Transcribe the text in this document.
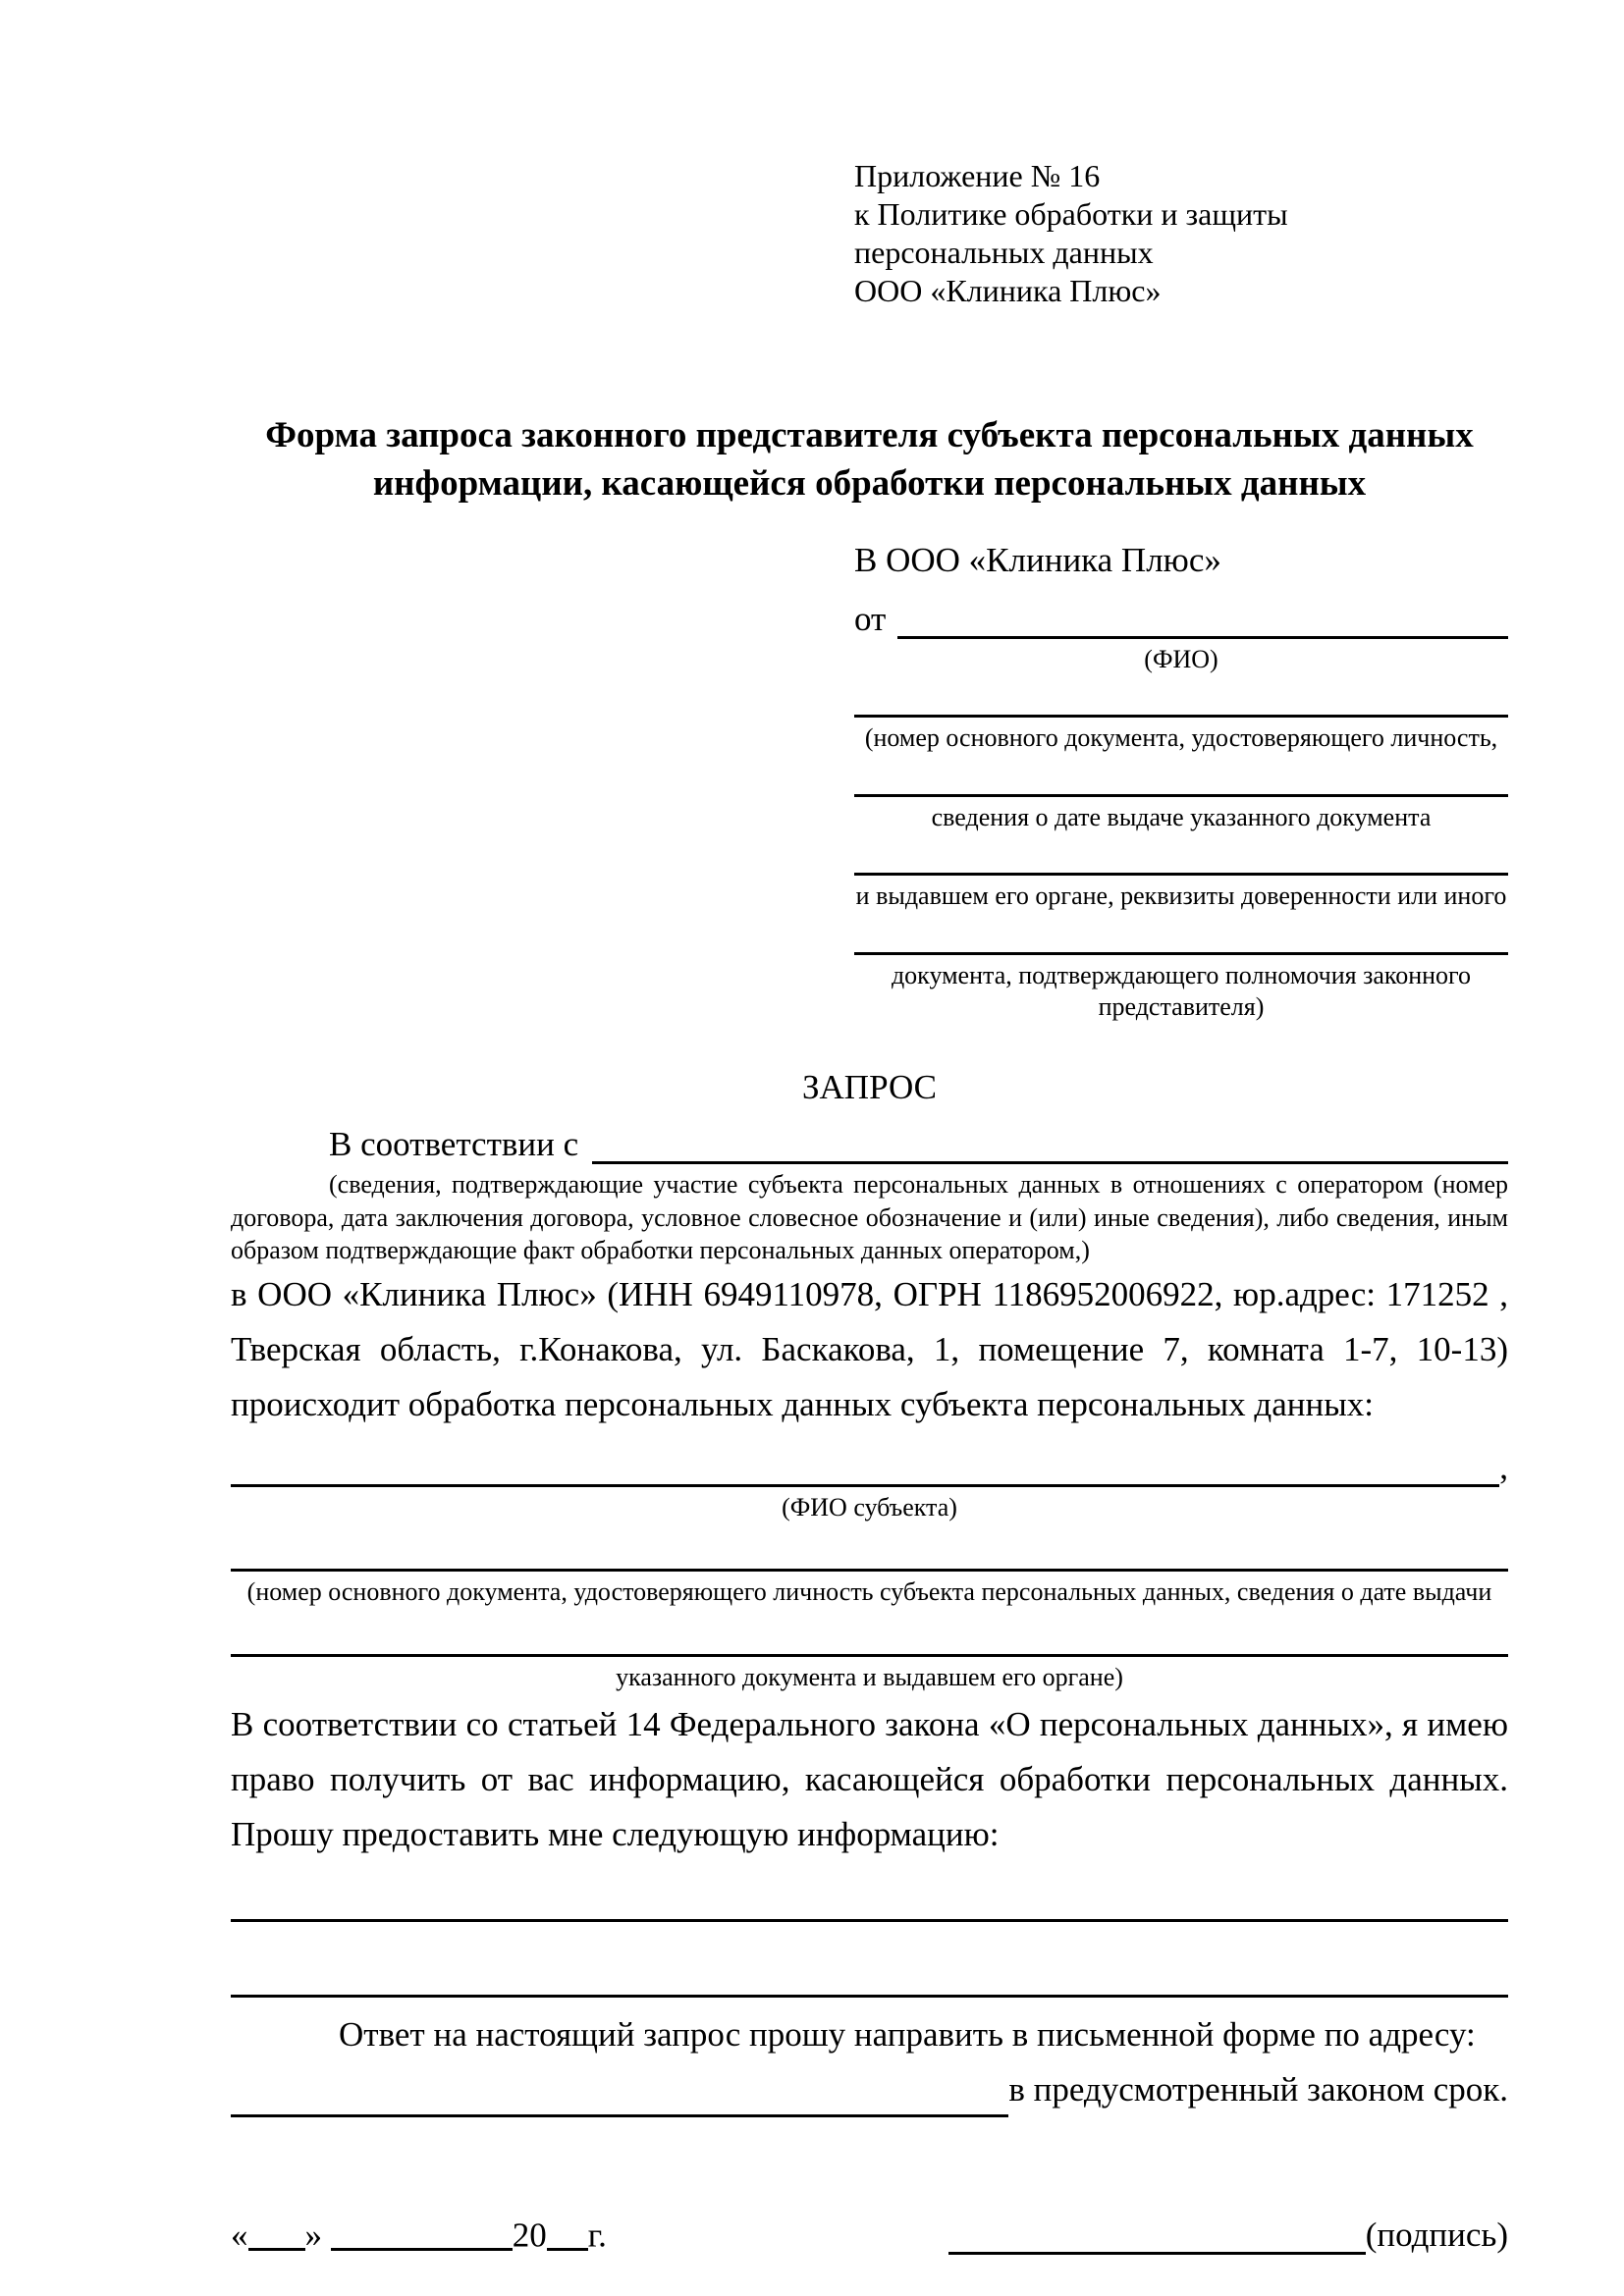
Приложение № 16
к Политике обработки и защиты
персональных данных
ООО «Клиника Плюс»
Форма запроса законного представителя субъекта персональных данных
информации, касающейся обработки персональных данных
В ООО «Клиника Плюс»
от
(ФИО)
(номер основного документа, удостоверяющего личность,
сведения о дате выдаче указанного документа
и выдавшем его органе, реквизиты доверенности или иного
документа, подтверждающего полномочия законного представителя)
ЗАПРОС
В соответствии с
(сведения, подтверждающие участие субъекта персональных данных в отношениях с оператором (номер договора, дата заключения договора, условное словесное обозначение и (или) иные сведения), либо сведения, иным образом подтверждающие факт обработки персональных данных оператором,)
в ООО «Клиника Плюс» (ИНН 6949110978, ОГРН 1186952006922, юр.адрес: 171252 , Тверская область, г.Конакова, ул. Баскакова, 1, помещение 7, комната 1-7, 10-13) происходит обработка персональных данных субъекта персональных данных:
,
(ФИО субъекта)
(номер основного документа, удостоверяющего личность субъекта персональных данных, сведения о дате выдачи
указанного документа и выдавшем его органе)
В соответствии со статьей 14 Федерального закона «О персональных данных», я имею право получить от вас информацию, касающейся обработки персональных данных. Прошу предоставить мне следующую информацию:
Ответ на настоящий запрос прошу направить в письменной форме по адресу:
в предусмотренный законом срок.
« »	20 г.	(подпись)
